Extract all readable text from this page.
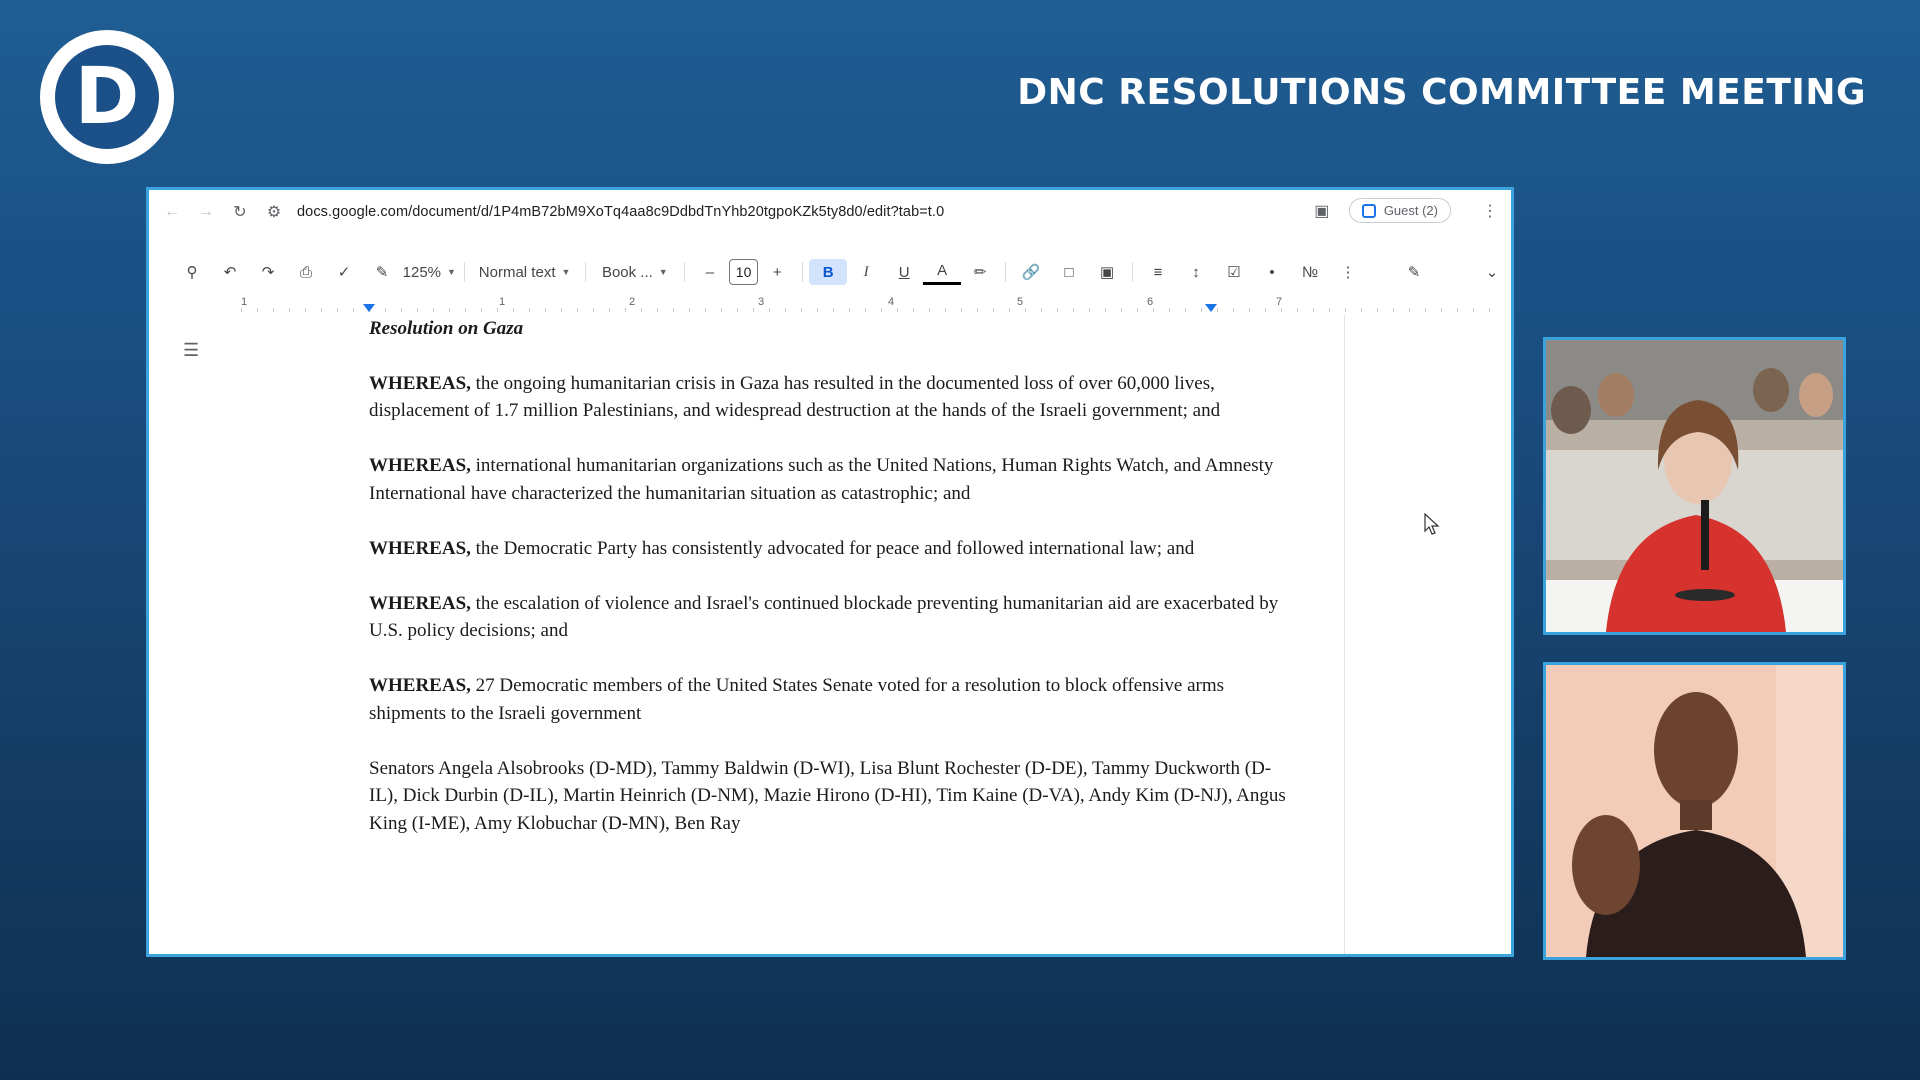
D	DNC RESOLUTIONS COMMITTEE MEETING
← → ↻ ⚙ docs.google.com/document/d/1P4mB72bM9XoTq4aa8c9DdbdTnYhb20tgpoKZk5ty8d0/edit?tab=t.0	▣	Guest (2)	⋮
⚲	↶	↷	⎙	✓	✎ 125% ▼ Normal text ▼ Book ... ▼	–	10	+	B	I	U	A	✏	🔗	□	▣	≡	↕	☑	•	№	⋮	✎	⌄
1	1	2	3	4	5	6	7
☰
Resolution on Gaza

WHEREAS, the ongoing humanitarian crisis in Gaza has resulted in the documented loss of over 60,000 lives, displacement of 1.7 million Palestinians, and widespread destruction at the hands of the Israeli government; and

WHEREAS, international humanitarian organizations such as the United Nations, Human Rights Watch, and Amnesty International have characterized the humanitarian situation as catastrophic; and

WHEREAS, the Democratic Party has consistently advocated for peace and followed international law; and

WHEREAS, the escalation of violence and Israel's continued blockade preventing humanitarian aid are exacerbated by U.S. policy decisions; and

WHEREAS, 27 Democratic members of the United States Senate voted for a resolution to block offensive arms shipments to the Israeli government

Senators Angela Alsobrooks (D-MD), Tammy Baldwin (D-WI), Lisa Blunt Rochester (D-DE), Tammy Duckworth (D-IL), Dick Durbin (D-IL), Martin Heinrich (D-NM), Mazie Hirono (D-HI), Tim Kaine (D-VA), Andy Kim (D-NJ), Angus King (I-ME), Amy Klobuchar (D-MN), Ben Ray
